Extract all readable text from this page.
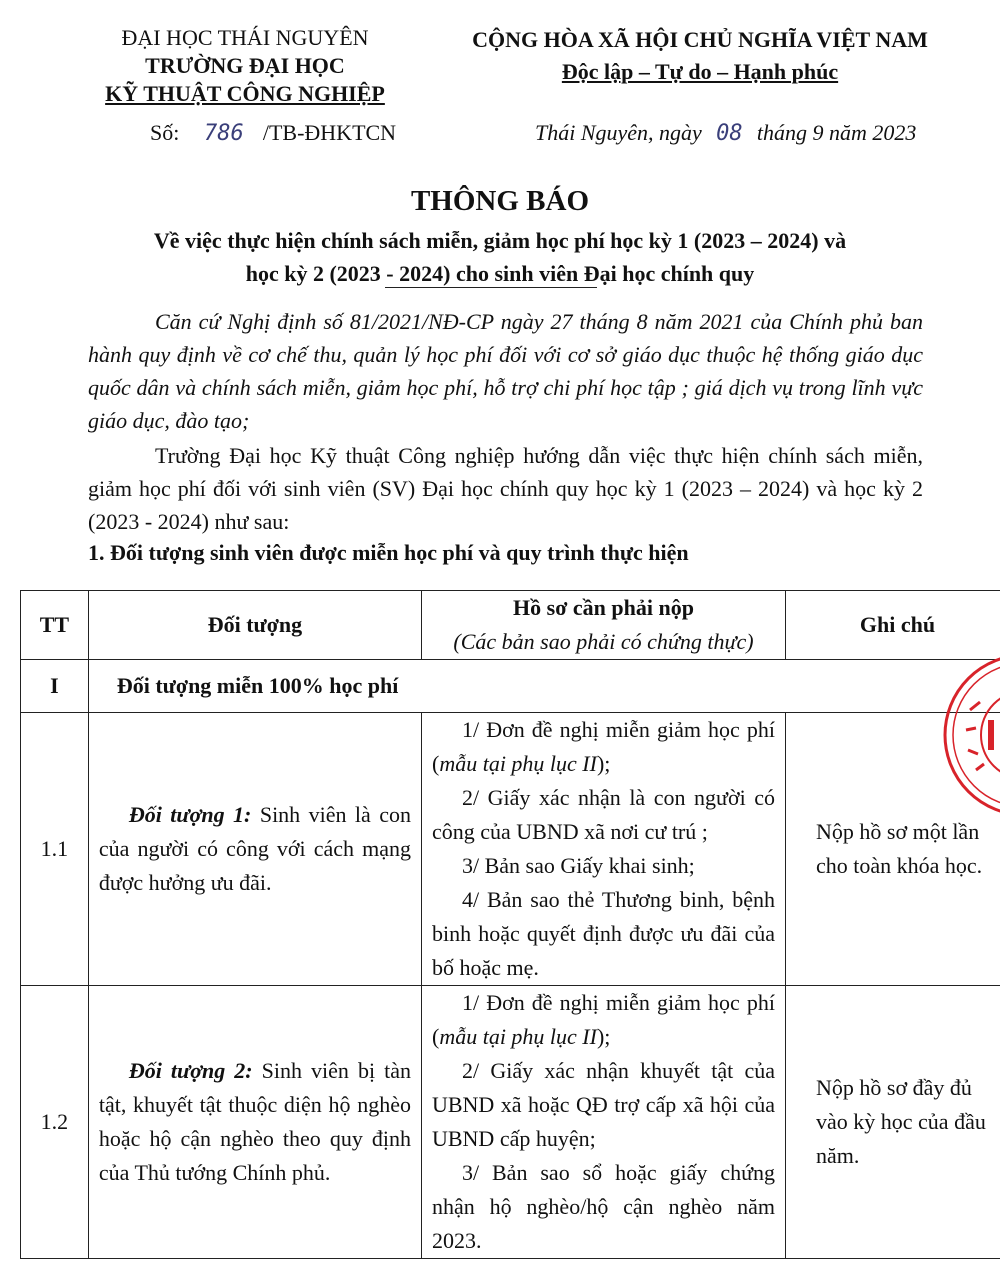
ĐẠI HỌC THÁI NGUYÊN
TRƯỜNG ĐẠI HỌC
KỸ THUẬT CÔNG NGHIỆP
CỘNG HÒA XÃ HỘI CHỦ NGHĨA VIỆT NAM
Độc lập – Tự do – Hạnh phúc
Số: 786 /TB-ĐHKTCN	Thái Nguyên, ngày 08 tháng 9 năm 2023
THÔNG BÁO
Về việc thực hiện chính sách miễn, giảm học phí học kỳ 1 (2023 – 2024) và
học kỳ 2 (2023 - 2024) cho sinh viên Đại học chính quy
Căn cứ Nghị định số 81/2021/NĐ-CP ngày 27 tháng 8 năm 2021 của Chính phủ ban hành quy định về cơ chế thu, quản lý học phí đối với cơ sở giáo dục thuộc hệ thống giáo dục quốc dân và chính sách miễn, giảm học phí, hỗ trợ chi phí học tập ; giá dịch vụ trong lĩnh vực giáo dục, đào tạo;
Trường Đại học Kỹ thuật Công nghiệp hướng dẫn việc thực hiện chính sách miễn, giảm học phí đối với sinh viên (SV) Đại học chính quy học kỳ 1 (2023 – 2024) và học kỳ 2 (2023 - 2024) như sau:
1. Đối tượng sinh viên được miễn học phí và quy trình thực hiện
TT	Đối tượng	Hồ sơ cần phải nộp
(Các bản sao phải có chứng thực)	Ghi chú
I	Đối tượng miễn 100% học phí		
1.1	Đối tượng 1: Sinh viên là con của người có công với cách mạng được hưởng ưu đãi.	1/ Đơn đề nghị miễn giảm học phí (mẫu tại phụ lục II);
2/ Giấy xác nhận là con người có công của UBND xã nơi cư trú ;
3/ Bản sao Giấy khai sinh;
4/ Bản sao thẻ Thương binh, bệnh binh hoặc quyết định được ưu đãi của bố hoặc mẹ.	Nộp hồ sơ một lần cho toàn khóa học.
1.2	Đối tượng 2: Sinh viên bị tàn tật, khuyết tật thuộc diện hộ nghèo hoặc hộ cận nghèo theo quy định của Thủ tướng Chính phủ.	1/ Đơn đề nghị miễn giảm học phí (mẫu tại phụ lục II);
2/ Giấy xác nhận khuyết tật của UBND xã hoặc QĐ trợ cấp xã hội của UBND cấp huyện;
3/ Bản sao sổ hoặc giấy chứng nhận hộ nghèo/hộ cận nghèo năm 2023.	Nộp hồ sơ đầy đủ vào kỳ học của đầu năm.
